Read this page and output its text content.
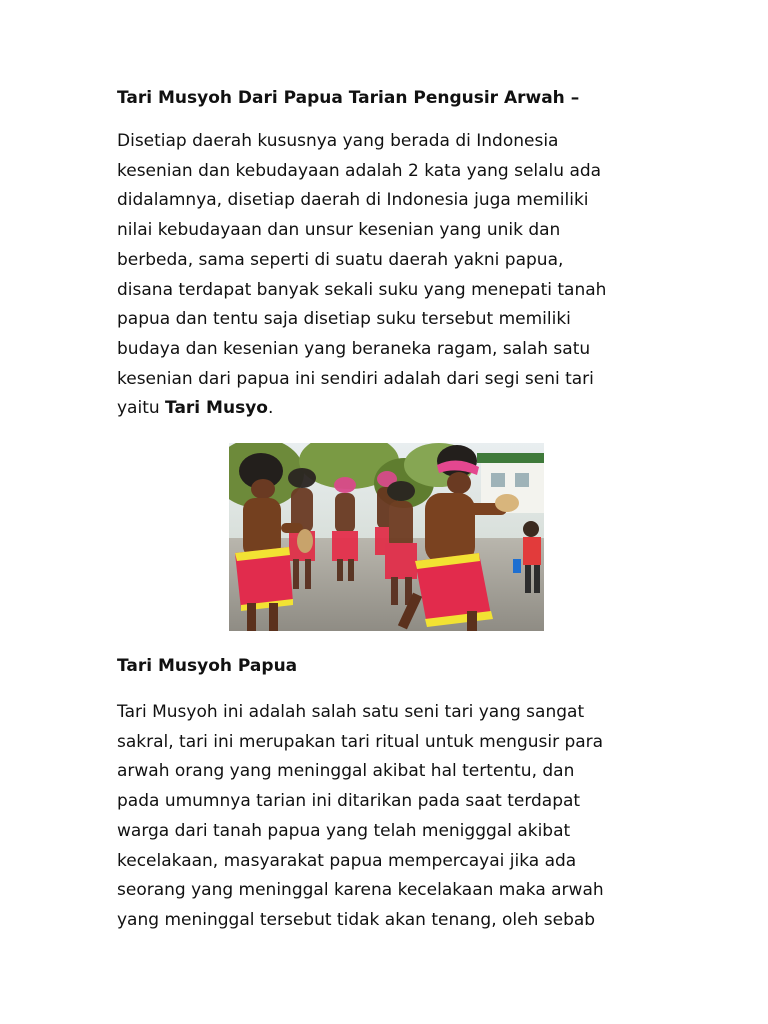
Tari Musyoh Dari Papua Tarian Pengusir Arwah –

Disetiap daerah kususnya yang berada di Indonesia
kesenian dan kebudayaan adalah 2 kata yang selalu ada
didalamnya, disetiap daerah di Indonesia juga memiliki
nilai kebudayaan dan unsur kesenian yang unik dan
berbeda, sama seperti di suatu daerah yakni papua,
disana terdapat banyak sekali suku yang menepati tanah
papua dan tentu saja disetiap suku tersebut memiliki
budaya dan kesenian yang beraneka ragam, salah satu
kesenian dari papua ini sendiri adalah dari segi seni tari
yaitu Tari Musyo.

Tari Musyoh Papua

Tari Musyoh ini adalah salah satu seni tari yang sangat
sakral, tari ini merupakan tari ritual untuk mengusir para
arwah orang yang meninggal akibat hal tertentu, dan
pada umumnya tarian ini ditarikan pada saat terdapat
warga dari tanah papua yang telah menigggal akibat
kecelakaan, masyarakat papua mempercayai jika ada
seorang yang meninggal karena kecelakaan maka arwah
yang meninggal tersebut tidak akan tenang, oleh sebab
